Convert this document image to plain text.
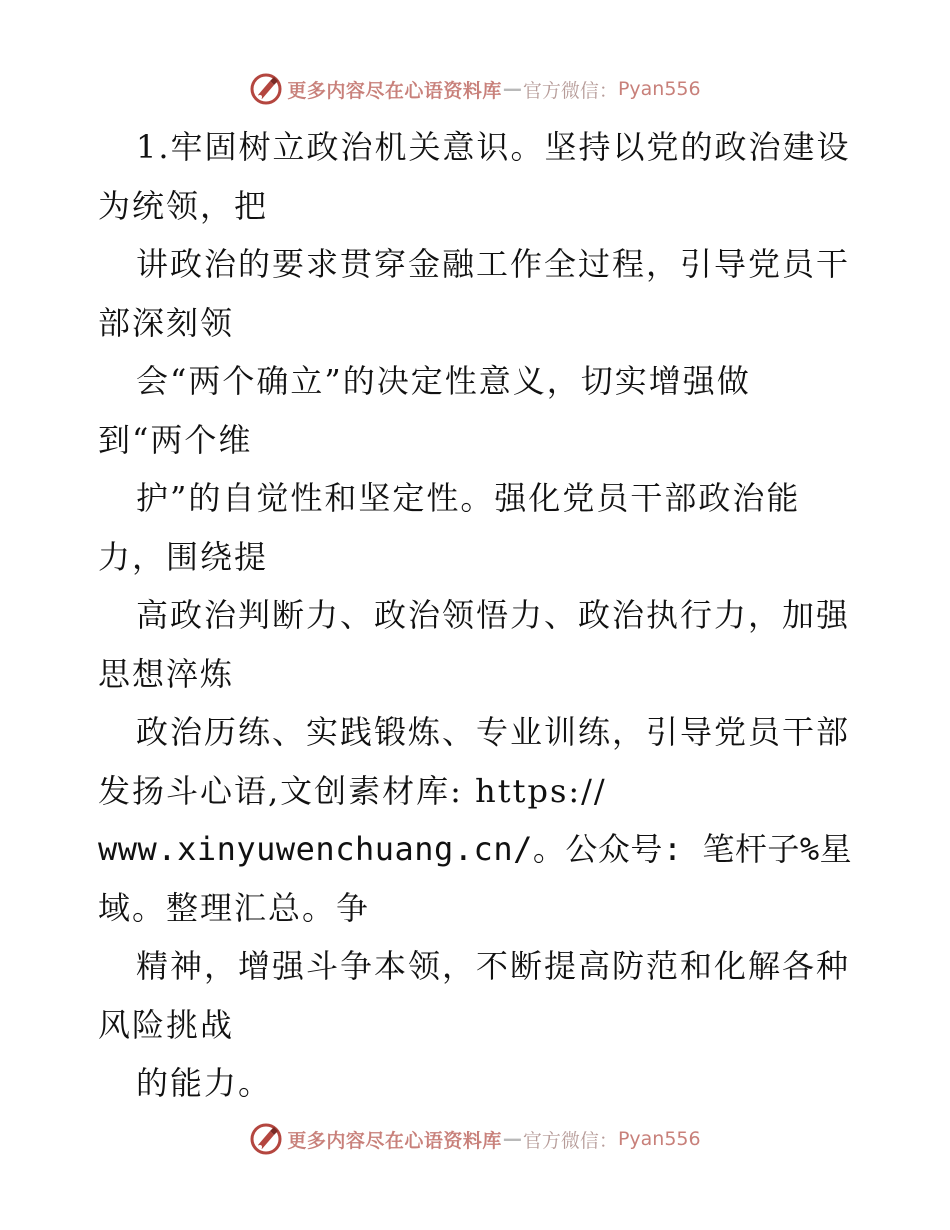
更多内容尽在心语资料库 — 官方微信： Pyan556
1.牢固树立政治机关意识。坚持以党的政治建设
为统领，把
讲政治的要求贯穿金融工作全过程，引导党员干
部深刻领
会“两个确立”的决定性意义，切实增强做
到“两个维
护”的自觉性和坚定性。强化党员干部政治能
力，围绕提
高政治判断力、政治领悟力、政治执行力，加强
思想淬炼
政治历练、实践锻炼、专业训练，引导党员干部
发扬斗心语,文创素材库: https://
www.xinyuwenchuang.cn/。公众号: 笔杆子%星
域。整理汇总。争
精神，增强斗争本领，不断提高防范和化解各种
风险挑战
的能力。
更多内容尽在心语资料库 — 官方微信： Pyan556
